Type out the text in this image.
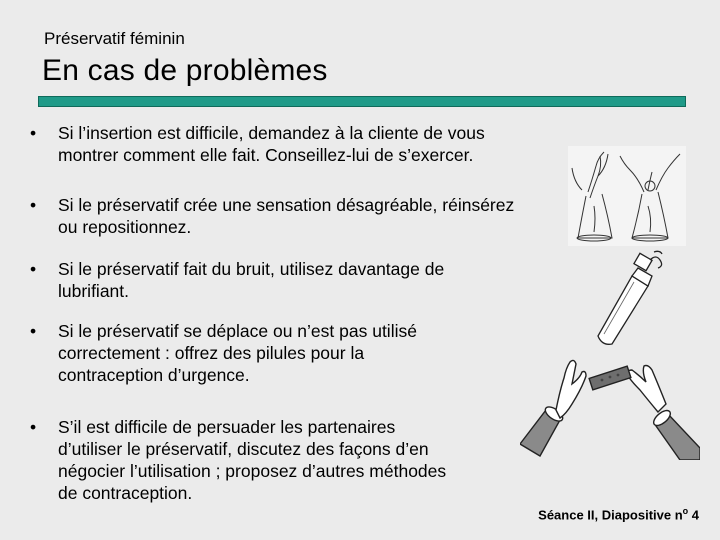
Préservatif féminin
En cas de problèmes
• Si l’insertion est difficile, demandez à la cliente de vous
montrer comment elle fait. Conseillez-lui de s’exercer.
• Si le préservatif crée une sensation désagréable, réinsérez
ou repositionnez.
• Si le préservatif fait du bruit, utilisez davantage de
lubrifiant.
• Si le préservatif se déplace ou n’est pas utilisé
correctement : offrez des pilules pour la
contraception d’urgence.
• S’il est difficile de persuader les partenaires
d’utiliser le préservatif, discutez des façons d’en
négocier l’utilisation ; proposez d’autres méthodes
de contraception.
Séance II, Diapositive $n^o$ 4
